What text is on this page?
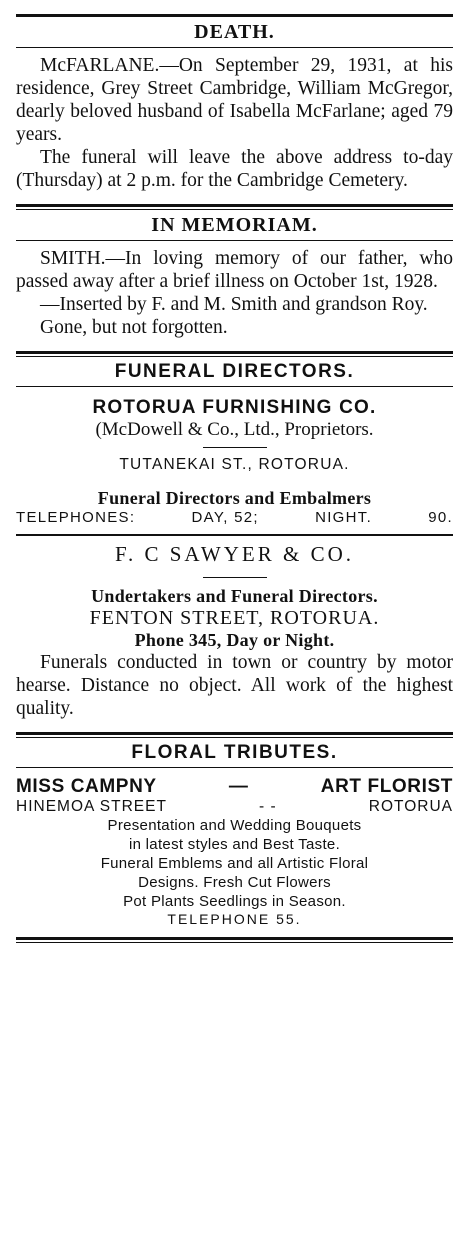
DEATH.

McFARLANE.—On September 29, 1931, at his residence, Grey Street Cambridge, William McGregor, dearly beloved husband of Isabella McFarlane; aged 79 years.

The funeral will leave the above address to-day (Thursday) at 2 p.m. for the Cambridge Cemetery.

IN MEMORIAM.

SMITH.—In loving memory of our father, who passed away after a brief illness on October 1st, 1928.

—Inserted by F. and M. Smith and grandson Roy.

Gone, but not forgotten.

FUNERAL DIRECTORS.
ROTORUA FURNISHING CO.
(McDowell & Co., Ltd., Proprietors.
TUTANEKAI ST., ROTORUA.
Funeral Directors and Embalmers
TELEPHONES:	DAY, 52;	NIGHT.	90.
F. C SAWYER & CO.
Undertakers and Funeral Directors.
FENTON STREET, ROTORUA.
Phone 345, Day or Night.

Funerals conducted in town or country by motor hearse. Distance no object. All work of the highest quality.

FLORAL TRIBUTES.
MISS CAMPNY	—	ART FLORIST
HINEMOA STREET	- -	ROTORUA
Presentation and Wedding Bouquets
in latest styles and Best Taste.
Funeral Emblems and all Artistic Floral
Designs. Fresh Cut Flowers
Pot Plants Seedlings in Season.
TELEPHONE 55.
